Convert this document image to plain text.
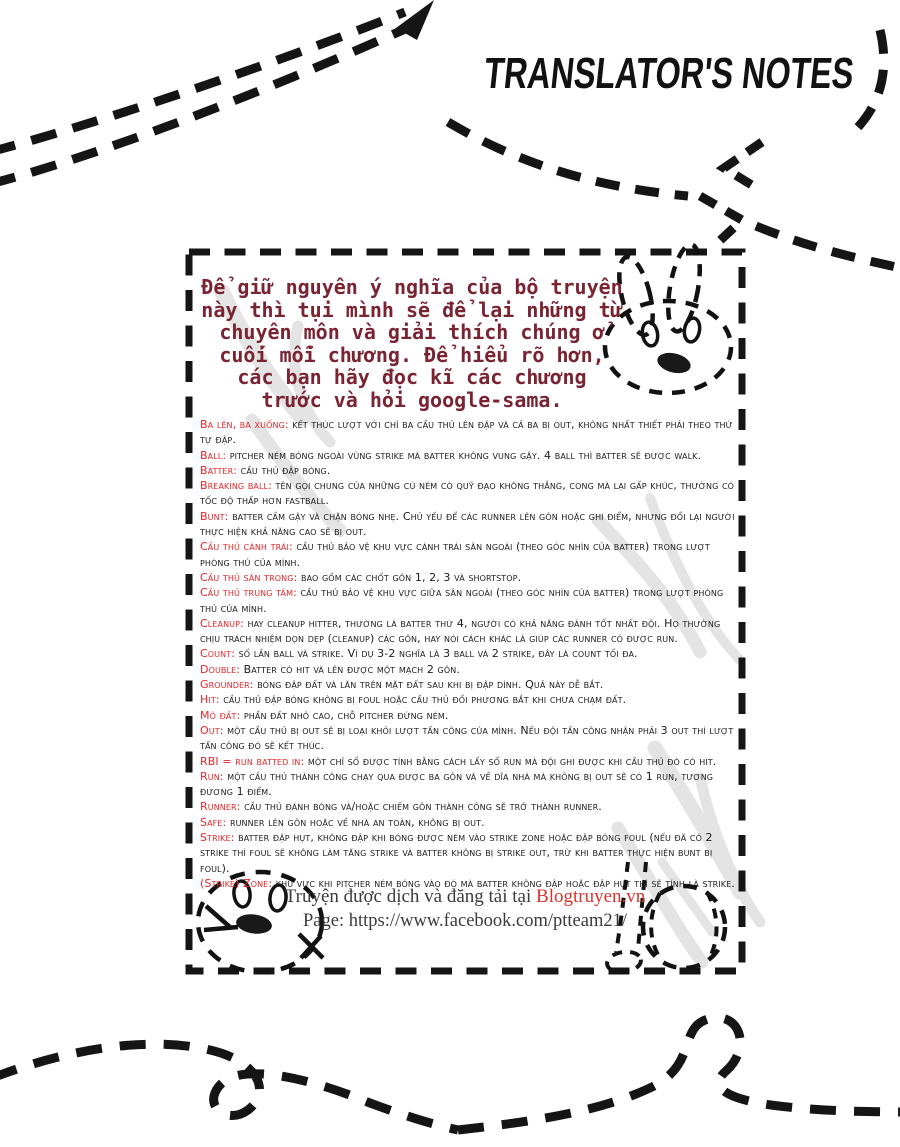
TRANSLATOR'S NOTES
Để giữ nguyên ý nghĩa của bộ truyện
này thì tụi mình sẽ để lại những từ
chuyên môn và giải thích chúng ở
cuối mỗi chương. Để hiểu rõ hơn,
các bạn hãy đọc kĩ các chương
trước và hỏi google-sama.

Ba lên, ba xuống: kết thúc lượt với chỉ ba cầu thủ lên đập và cả ba bị out, không nhất thiết phải theo thứ tự đập.

Ball: pitcher ném bóng ngoài vùng strike mà batter không vung gậy. 4 ball thì batter sẽ được walk.

Batter: cầu thủ đập bóng.

Breaking ball: tên gọi chung của những cú ném có quỹ đạo không thẳng, cong mà lại gấp khúc, thường có tốc độ thấp hơn fastball.

Bunt: batter cầm gậy và chặn bóng nhẹ. Chủ yếu để các runner lên gôn hoặc ghi điểm, nhưng đổi lại người thực hiện khả năng cao sẽ bị out.

Cầu thủ cánh trái: cầu thủ bảo vệ khu vực cánh trái sân ngoài (theo góc nhìn của batter) trong lượt phòng thủ của mình.

Cầu thủ sân trong: bao gồm các chốt gôn 1, 2, 3 và shortstop.

Cầu thủ trung tâm: cầu thủ bảo vệ khu vực giữa sân ngoài (theo góc nhìn của batter) trong lượt phòng thủ của mình.

Cleanup: hay cleanup hitter, thường là batter thứ 4, người có khả năng đánh tốt nhất đội. Họ thường chịu trách nhiệm dọn dẹp (cleanup) các gôn, hay nói cách khác là giúp các runner có được run.

Count: số lần ball và strike. Ví dụ 3-2 nghĩa là 3 ball và 2 strike, đây là count tối đa.

Double: Batter có hit và lên được một mạch 2 gôn.

Grounder: bóng đập đất và lăn trên mặt đất sau khi bị đập dính. Quả này dễ bắt.

Hit: cầu thủ đập bóng không bị foul hoặc cầu thủ đối phương bắt khi chưa chạm đất.

Mô đất: phần đất nhô cao, chỗ pitcher đứng ném.

Out: một cầu thủ bị out sẽ bị loại khỏi lượt tấn công của mình. Nếu đội tấn công nhận phải 3 out thì lượt tấn công đó sẽ kết thúc.

RBI = run batted in: một chỉ số được tính bằng cách lấy số run mà đội ghi được khi cầu thủ đó có hit.

Run: một cầu thủ thành công chạy qua được ba gôn và về dĩa nhà mà không bị out sẽ có 1 run, tương đương 1 điểm.

Runner: cầu thủ đánh bóng và/hoặc chiếm gôn thành công sẽ trở thành runner.

Safe: runner lên gôn hoặc về nhà an toàn, không bị out.

Strike: batter đập hụt, không đập khi bóng được ném vào strike zone hoặc đập bóng foul (nếu đã có 2 strike thì foul sẽ không làm tăng strike và batter không bị strike out, trừ khi batter thực hiện bunt bị foul).

(Strike) Zone: khu vực khi pitcher ném bóng vào đó mà batter không đập hoặc đập hụt thì sẽ tính là strike.

Truyện được dịch và đăng tải tại Blogtruyen.vn
Page: https://www.facebook.com/ptteam21/
